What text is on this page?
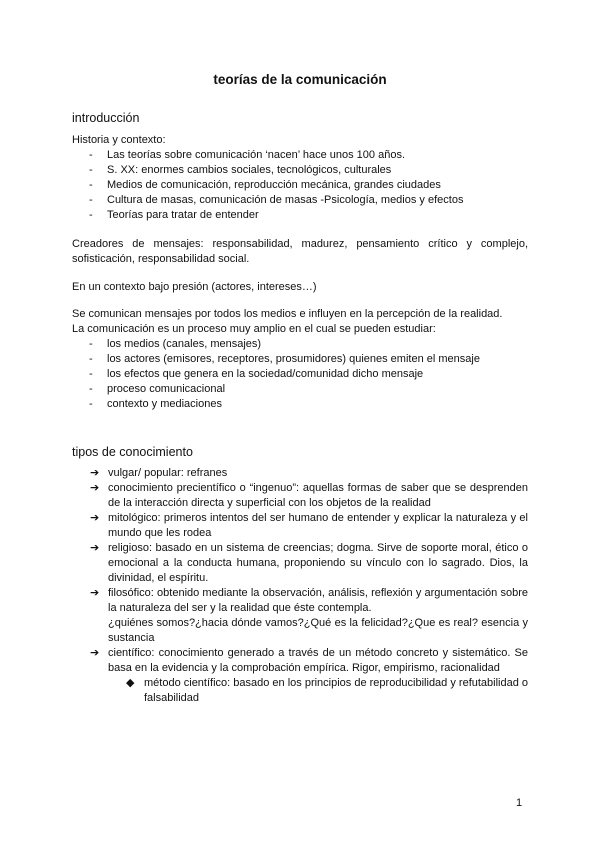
teorías de la comunicación
introducción

Historia y contexto:

- Las teorías sobre comunicación ‘nacen’ hace unos 100 años.
- S. XX: enormes cambios sociales, tecnológicos, culturales
- Medios de comunicación, reproducción mecánica, grandes ciudades
- Cultura de masas, comunicación de masas -Psicología, medios y efectos
- Teorías para tratar de entender
Creadores de mensajes: responsabilidad, madurez, pensamiento crítico y complejo, sofisticación, responsabilidad social.
En un contexto bajo presión (actores, intereses…)

Se comunican mensajes por todos los medios e influyen en la percepción de la realidad.

La comunicación es un proceso muy amplio en el cual se pueden estudiar:

- los medios (canales, mensajes)
- los actores (emisores, receptores, prosumidores) quienes emiten el mensaje
- los efectos que genera en la sociedad/comunidad dicho mensaje
- proceso comunicacional
- contexto y mediaciones
tipos de conocimiento
➔ vulgar/ popular: refranes
➔ conocimiento precientífico o “ingenuo”: aquellas formas de saber que se desprenden de la interacción directa y superficial con los objetos de la realidad
➔ mitológico: primeros intentos del ser humano de entender y explicar la naturaleza y el mundo que les rodea
➔ religioso: basado en un sistema de creencias; dogma. Sirve de soporte moral, ético o emocional a la conducta humana, proponiendo su vínculo con lo sagrado. Dios, la divinidad, el espíritu.
➔ filosófico: obtenido mediante la observación, análisis, reflexión y argumentación sobre la naturaleza del ser y la realidad que éste contempla.
¿quiénes somos?¿hacia dónde vamos?¿Qué es la felicidad?¿Que es real? esencia y sustancia
➔ científico: conocimiento generado a través de un método concreto y sistemático. Se basa en la evidencia y la comprobación empírica. Rigor, empirismo, racionalidad
◆ método científico: basado en los principios de reproducibilidad y refutabilidad o falsabilidad
1
